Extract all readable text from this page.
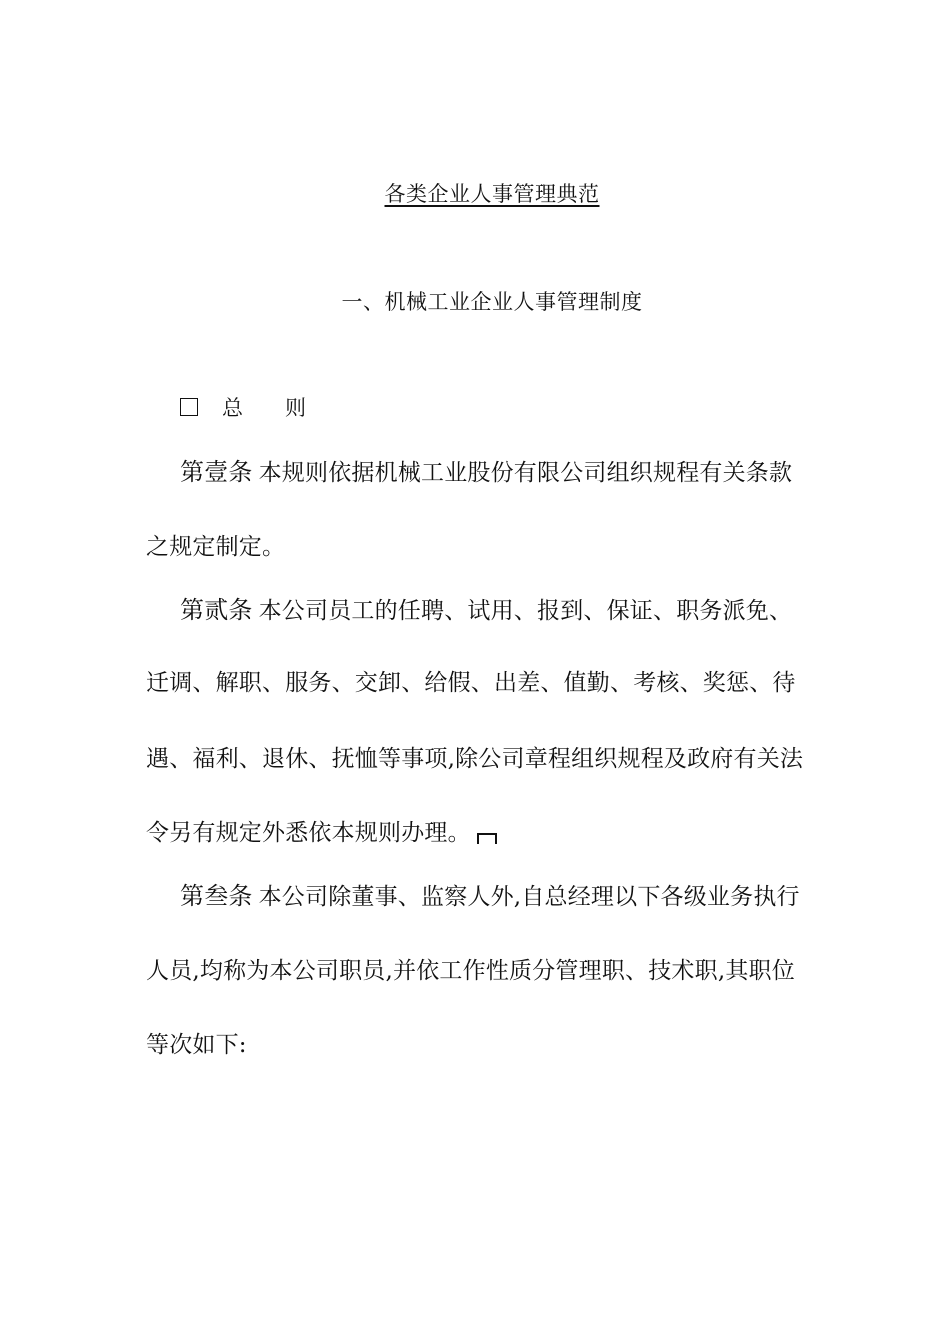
各类企业人事管理典范
一、机械工业企业人事管理制度
总 则
第壹条 本规则依据机械工业股份有限公司组织规程有关条款
之规定制定。
第贰条 本公司员工的任聘、试用、报到、保证、职务派免、
迁调、解职、服务、交卸、给假、出差、值勤、考核、奖惩、待
遇、福利、退休、抚恤等事项,除公司章程组织规程及政府有关法
令另有规定外悉依本规则办理。
第叁条 本公司除董事、监察人外,自总经理以下各级业务执行
人员,均称为本公司职员,并依工作性质分管理职、技术职,其职位
等次如下:
